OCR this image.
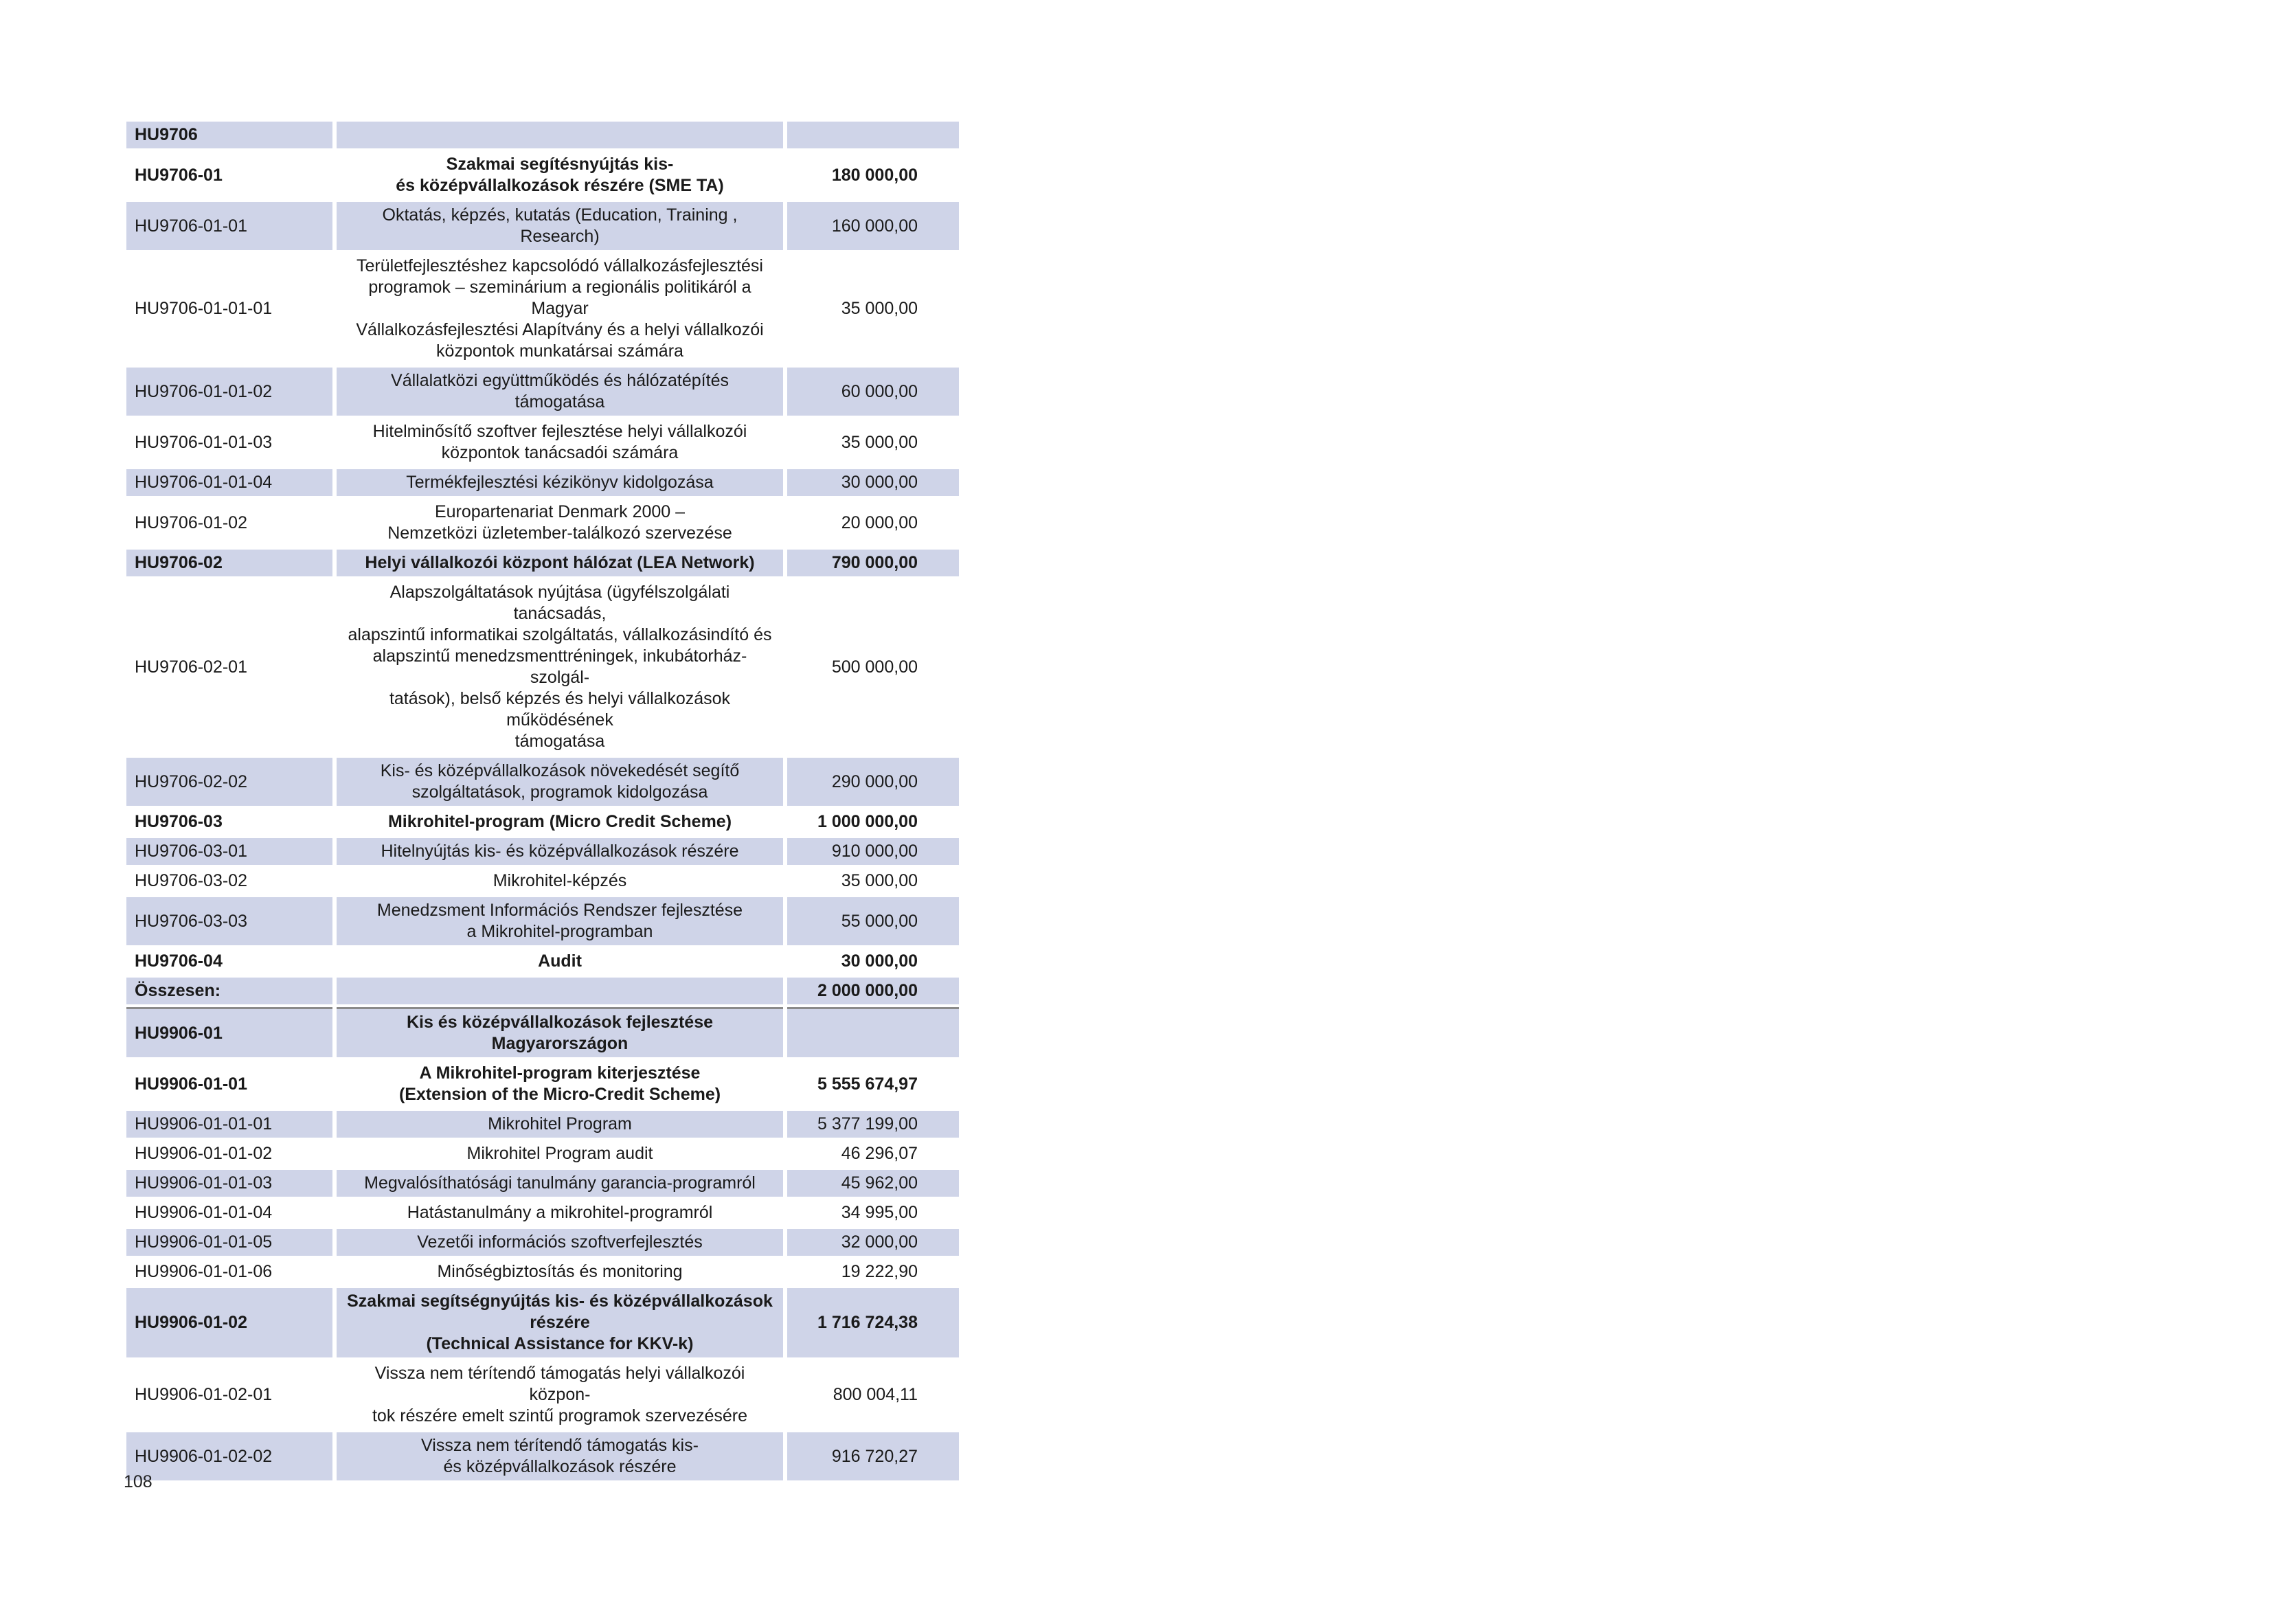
HU9706		
HU9706-01	Szakmai segítésnyújtás kis-
és középvállalkozások részére (SME TA)	180 000,00
HU9706-01-01	Oktatás, képzés, kutatás (Education, Training , Research)	160 000,00
HU9706-01-01-01	Területfejlesztéshez kapcsolódó vállalkozásfejlesztési
programok – szeminárium a regionális politikáról a Magyar
Vállalkozásfejlesztési Alapítvány és a helyi vállalkozói
központok munkatársai számára	35 000,00
HU9706-01-01-02	Vállalatközi együttműködés és hálózatépítés támogatása	60 000,00
HU9706-01-01-03	Hitelminősítő szoftver fejlesztése helyi vállalkozói
központok tanácsadói számára	35 000,00
HU9706-01-01-04	Termékfejlesztési kézikönyv kidolgozása	30 000,00
HU9706-01-02	Europartenariat Denmark 2000 –
Nemzetközi üzletember-találkozó szervezése	20 000,00
HU9706-02	Helyi vállalkozói központ hálózat (LEA Network)	790 000,00
HU9706-02-01	Alapszolgáltatások nyújtása (ügyfélszolgálati tanácsadás,
alapszintű informatikai szolgáltatás, vállalkozásindító és
alapszintű menedzsmenttréningek, inkubátorház-szolgál-
tatások), belső képzés és helyi vállalkozások működésének
támogatása	500 000,00
HU9706-02-02	Kis- és középvállalkozások növekedését segítő
szolgáltatások, programok kidolgozása	290 000,00
HU9706-03	Mikrohitel-program (Micro Credit Scheme)	1 000 000,00
HU9706-03-01	Hitelnyújtás kis- és középvállalkozások részére	910 000,00
HU9706-03-02	Mikrohitel-képzés	35 000,00
HU9706-03-03	Menedzsment Információs Rendszer fejlesztése
a Mikrohitel-programban	55 000,00
HU9706-04	Audit	30 000,00
Összesen:		2 000 000,00
HU9906-01	Kis és középvállalkozások fejlesztése Magyarországon	
HU9906-01-01	A Mikrohitel-program kiterjesztése
(Extension of the Micro-Credit Scheme)	5 555 674,97
HU9906-01-01-01	Mikrohitel Program	5 377 199,00
HU9906-01-01-02	Mikrohitel Program audit	46 296,07
HU9906-01-01-03	Megvalósíthatósági tanulmány garancia-programról	45 962,00
HU9906-01-01-04	Hatástanulmány a mikrohitel-programról	34 995,00
HU9906-01-01-05	Vezetői információs szoftverfejlesztés	32 000,00
HU9906-01-01-06	Minőségbiztosítás és monitoring	19 222,90
HU9906-01-02	Szakmai segítségnyújtás kis- és középvállalkozások részére
(Technical Assistance for KKV-k)	1 716 724,38
HU9906-01-02-01	Vissza nem térítendő támogatás helyi vállalkozói közpon-
tok részére emelt szintű programok szervezésére	800 004,11
HU9906-01-02-02	Vissza nem térítendő támogatás kis-
és középvállalkozások részére	916 720,27
108
